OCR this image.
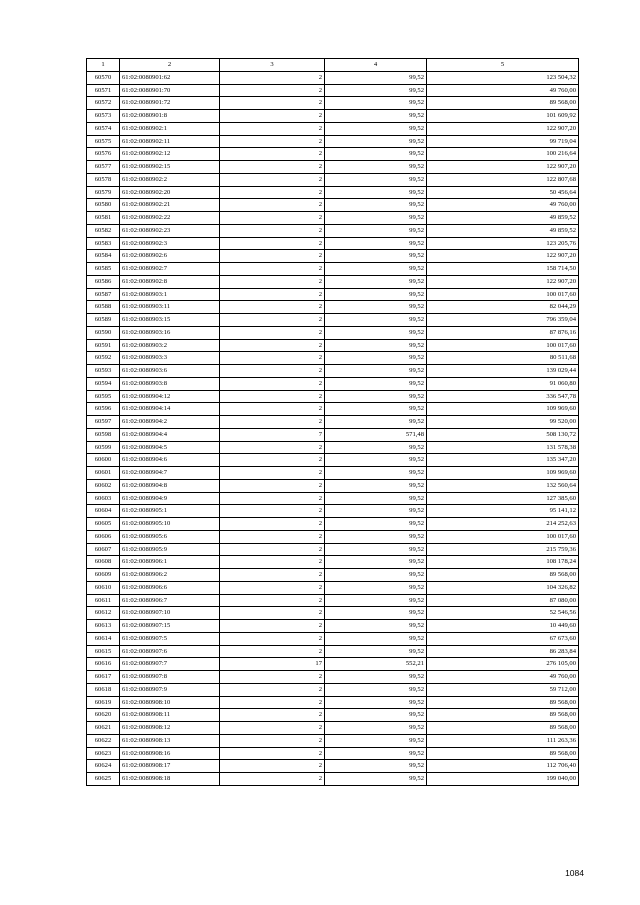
1	2	3	4	5
60570	61:02:0080901:62	2	99,52	123 504,32
60571	61:02:0080901:70	2	99,52	49 760,00
60572	61:02:0080901:72	2	99,52	89 568,00
60573	61:02:0080901:8	2	99,52	101 609,92
60574	61:02:0080902:1	2	99,52	122 907,20
60575	61:02:0080902:11	2	99,52	99 719,04
60576	61:02:0080902:12	2	99,52	100 216,64
60577	61:02:0080902:15	2	99,52	122 907,20
60578	61:02:0080902:2	2	99,52	122 807,68
60579	61:02:0080902:20	2	99,52	50 456,64
60580	61:02:0080902:21	2	99,52	49 760,00
60581	61:02:0080902:22	2	99,52	49 859,52
60582	61:02:0080902:23	2	99,52	49 859,52
60583	61:02:0080902:3	2	99,52	123 205,76
60584	61:02:0080902:6	2	99,52	122 907,20
60585	61:02:0080902:7	2	99,52	158 714,50
60586	61:02:0080902:8	2	99,52	122 907,20
60587	61:02:0080903:1	2	99,52	100 017,60
60588	61:02:0080903:11	2	99,52	82 044,29
60589	61:02:0080903:15	2	99,52	796 359,04
60590	61:02:0080903:16	2	99,52	87 876,16
60591	61:02:0080903:2	2	99,52	100 017,60
60592	61:02:0080903:3	2	99,52	80 511,68
60593	61:02:0080903:6	2	99,52	139 029,44
60594	61:02:0080903:8	2	99,52	91 060,80
60595	61:02:0080904:12	2	99,52	336 547,78
60596	61:02:0080904:14	2	99,52	109 969,60
60597	61:02:0080904:2	2	99,52	99 520,00
60598	61:02:0080904:4	7	571,48	508 130,72
60599	61:02:0080904:5	2	99,52	131 578,38
60600	61:02:0080904:6	2	99,52	135 347,20
60601	61:02:0080904:7	2	99,52	109 969,60
60602	61:02:0080904:8	2	99,52	132 560,64
60603	61:02:0080904:9	2	99,52	127 385,60
60604	61:02:0080905:1	2	99,52	95 141,12
60605	61:02:0080905:10	2	99,52	214 252,63
60606	61:02:0080905:6	2	99,52	100 017,60
60607	61:02:0080905:9	2	99,52	215 759,36
60608	61:02:0080906:1	2	99,52	108 178,24
60609	61:02:0080906:2	2	99,52	89 568,00
60610	61:02:0080906:6	2	99,52	104 326,82
60611	61:02:0080906:7	2	99,52	87 080,00
60612	61:02:0080907:10	2	99,52	52 546,56
60613	61:02:0080907:15	2	99,52	10 449,60
60614	61:02:0080907:5	2	99,52	67 673,60
60615	61:02:0080907:6	2	99,52	86 283,84
60616	61:02:0080907:7	17	552,21	276 105,00
60617	61:02:0080907:8	2	99,52	49 760,00
60618	61:02:0080907:9	2	99,52	59 712,00
60619	61:02:0080908:10	2	99,52	89 568,00
60620	61:02:0080908:11	2	99,52	89 568,00
60621	61:02:0080908:12	2	99,52	89 568,00
60622	61:02:0080908:13	2	99,52	111 263,36
60623	61:02:0080908:16	2	99,52	89 568,00
60624	61:02:0080908:17	2	99,52	112 706,40
60625	61:02:0080908:18	2	99,52	199 040,00
1084
